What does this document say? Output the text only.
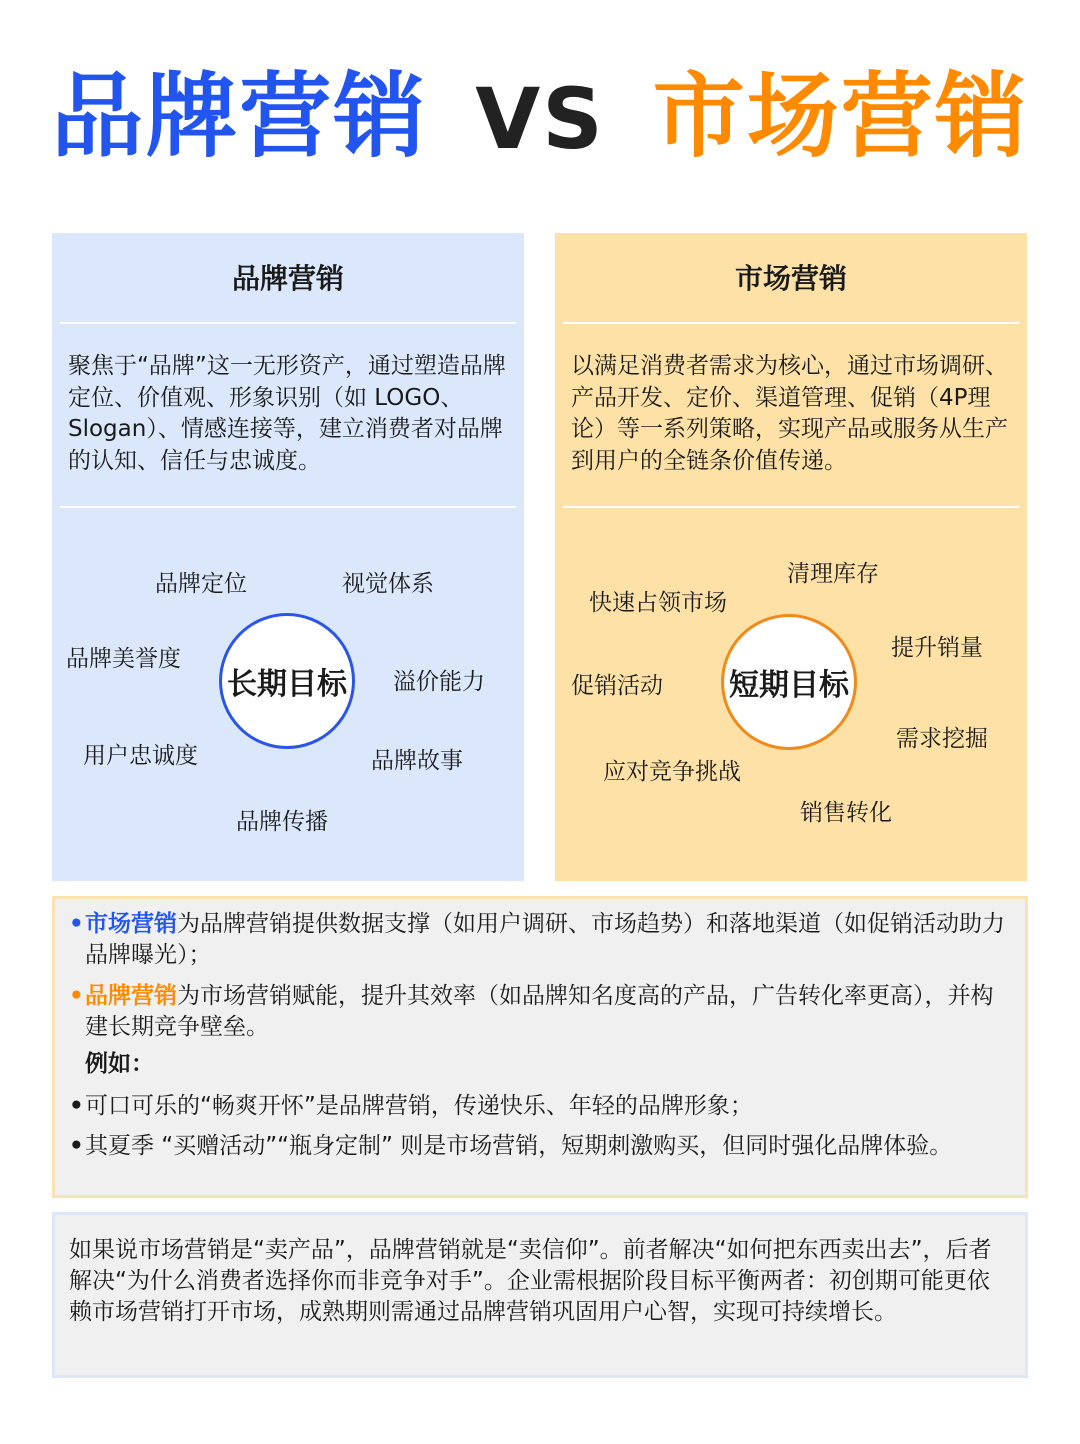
品牌营销 VS 市场营销
品牌营销
聚焦于“品牌”这一无形资产，通过塑造品牌定位、价值观、形象识别（如 LOGO、Slogan）、情感连接等，建立消费者对品牌的认知、信任与忠诚度。
长期目标
品牌定位	视觉体系
品牌美誉度
溢价能力
用户忠诚度	品牌故事
品牌传播
市场营销
以满足消费者需求为核心，通过市场调研、产品开发、定价、渠道管理、促销（4P理论）等一系列策略，实现产品或服务从生产到用户的全链条价值传递。
短期目标
清理库存
快速占领市场
提升销量
促销活动
需求挖掘
应对竞争挑战
销售转化
• 市场营销为品牌营销提供数据支撑（如用户调研、市场趋势）和落地渠道（如促销活动助力品牌曝光）；
• 品牌营销为市场营销赋能，提升其效率（如品牌知名度高的产品，广告转化率更高），并构建长期竞争壁垒。
例如：
• 可口可乐的“畅爽开怀”是品牌营销，传递快乐、年轻的品牌形象；
• 其夏季 “买赠活动”“瓶身定制” 则是市场营销，短期刺激购买，但同时强化品牌体验。
如果说市场营销是“卖产品”，品牌营销就是“卖信仰”。前者解决“如何把东西卖出去”，后者解决“为什么消费者选择你而非竞争对手”。企业需根据阶段目标平衡两者：初创期可能更依赖市场营销打开市场，成熟期则需通过品牌营销巩固用户心智，实现可持续增长。
